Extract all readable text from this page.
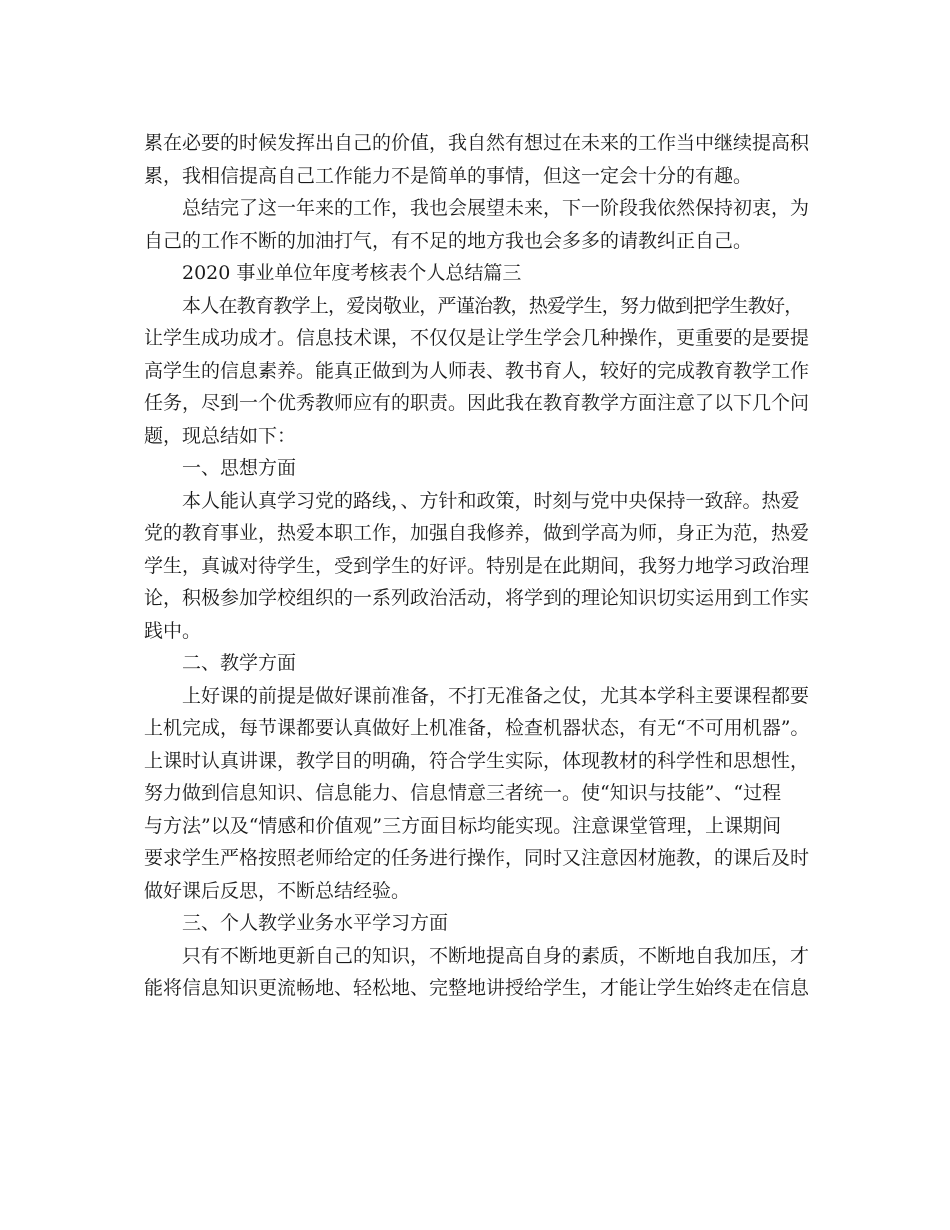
累在必要的时候发挥出自己的价值，我自然有想过在未来的工作当中继续提高积

累，我相信提高自己工作能力不是简单的事情，但这一定会十分的有趣。

总结完了这一年来的工作，我也会展望未来，下一阶段我依然保持初衷，为

自己的工作不断的加油打气，有不足的地方我也会多多的请教纠正自己。

2020 事业单位年度考核表个人总结篇三

本人在教育教学上，爱岗敬业，严谨治教，热爱学生，努力做到把学生教好，

让学生成功成才。信息技术课，不仅仅是让学生学会几种操作，更重要的是要提

高学生的信息素养。能真正做到为人师表、教书育人，较好的完成教育教学工作

任务，尽到一个优秀教师应有的职责。因此我在教育教学方面注意了以下几个问

题，现总结如下：

一、思想方面

本人能认真学习党的路线，、方针和政策，时刻与党中央保持一致辞。热爱

党的教育事业，热爱本职工作，加强自我修养，做到学高为师，身正为范，热爱

学生，真诚对待学生，受到学生的好评。特别是在此期间，我努力地学习政治理

论，积极参加学校组织的一系列政治活动，将学到的理论知识切实运用到工作实

践中。

二、教学方面

上好课的前提是做好课前准备，不打无准备之仗，尤其本学科主要课程都要

上机完成，每节课都要认真做好上机准备，检查机器状态，有无“不可用机器”。

上课时认真讲课，教学目的明确，符合学生实际，体现教材的科学性和思想性，

努力做到信息知识、信息能力、信息情意三者统一。使“知识与技能”、“过程

与方法”以及“情感和价值观”三方面目标均能实现。注意课堂管理，上课期间

要求学生严格按照老师给定的任务进行操作，同时又注意因材施教，的课后及时

做好课后反思，不断总结经验。

三、个人教学业务水平学习方面

只有不断地更新自己的知识，不断地提高自身的素质，不断地自我加压，才

能将信息知识更流畅地、轻松地、完整地讲授给学生，才能让学生始终走在信息
